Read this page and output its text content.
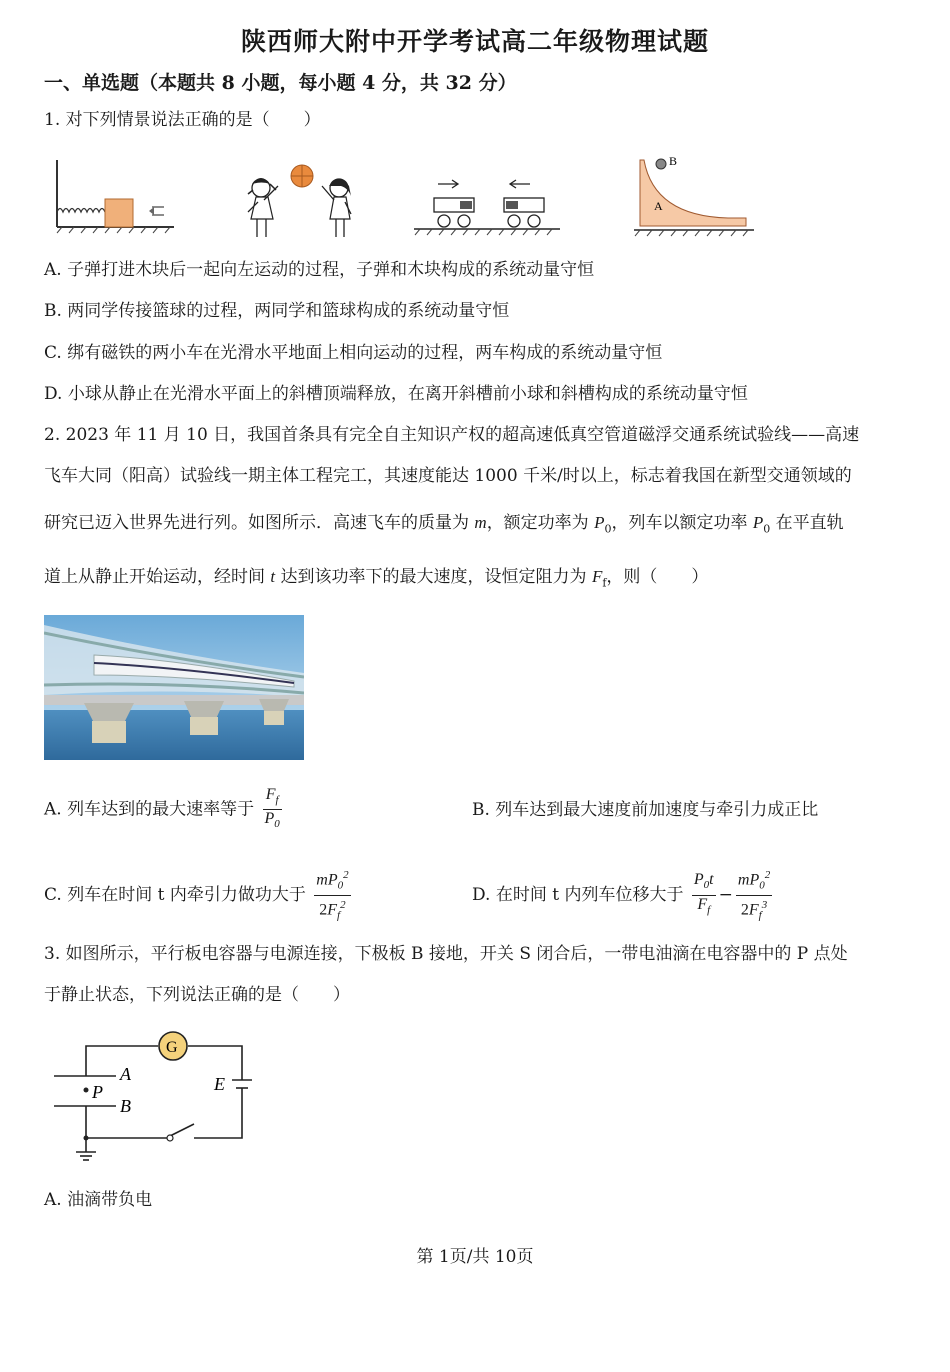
陕西师大附中开学考试高二年级物理试题
一、单选题（本题共 8 小题，每小题 4 分，共 32 分）
1. 对下列情景说法正确的是（　　）
B
A
A. 子弹打进木块后一起向左运动的过程，子弹和木块构成的系统动量守恒
B. 两同学传接篮球的过程，两同学和篮球构成的系统动量守恒
C. 绑有磁铁的两小车在光滑水平地面上相向运动的过程，两车构成的系统动量守恒
D. 小球从静止在光滑水平面上的斜槽顶端释放，在离开斜槽前小球和斜槽构成的系统动量守恒
2. 2023 年 11 月 10 日，我国首条具有完全自主知识产权的超高速低真空管道磁浮交通系统试验线——高速
飞车大同（阳高）试验线一期主体工程完工，其速度能达 1000 千米/时以上，标志着我国在新型交通领域的
研究已迈入世界先进行列。如图所示．高速飞车的质量为 m，额定功率为 $P_0$，列车以额定功率 $P_0$ 在平直轨
道上从静止开始运动，经时间 t 达到该功率下的最大速度，设恒定阻力为 $F_f$，则（　　）
A. 列车达到的最大速率等于 $\frac{F_f}{P_0}$	B. 列车达到最大速度前加速度与牵引力成正比
C. 列车在时间 t 内牵引力做功大于 $\frac{mP_0^2}{2F_f^2}$	D. 在时间 t 内列车位移大于 $\frac{P_0t}{F_f} - \frac{mP_0^2}{2F_f^3}$
3. 如图所示，平行板电容器与电源连接，下极板 B 接地，开关 S 闭合后，一带电油滴在电容器中的 P 点处
于静止状态，下列说法正确的是（　　）
G
A
P
B
E
A. 油滴带负电
第 1页/共 10页
